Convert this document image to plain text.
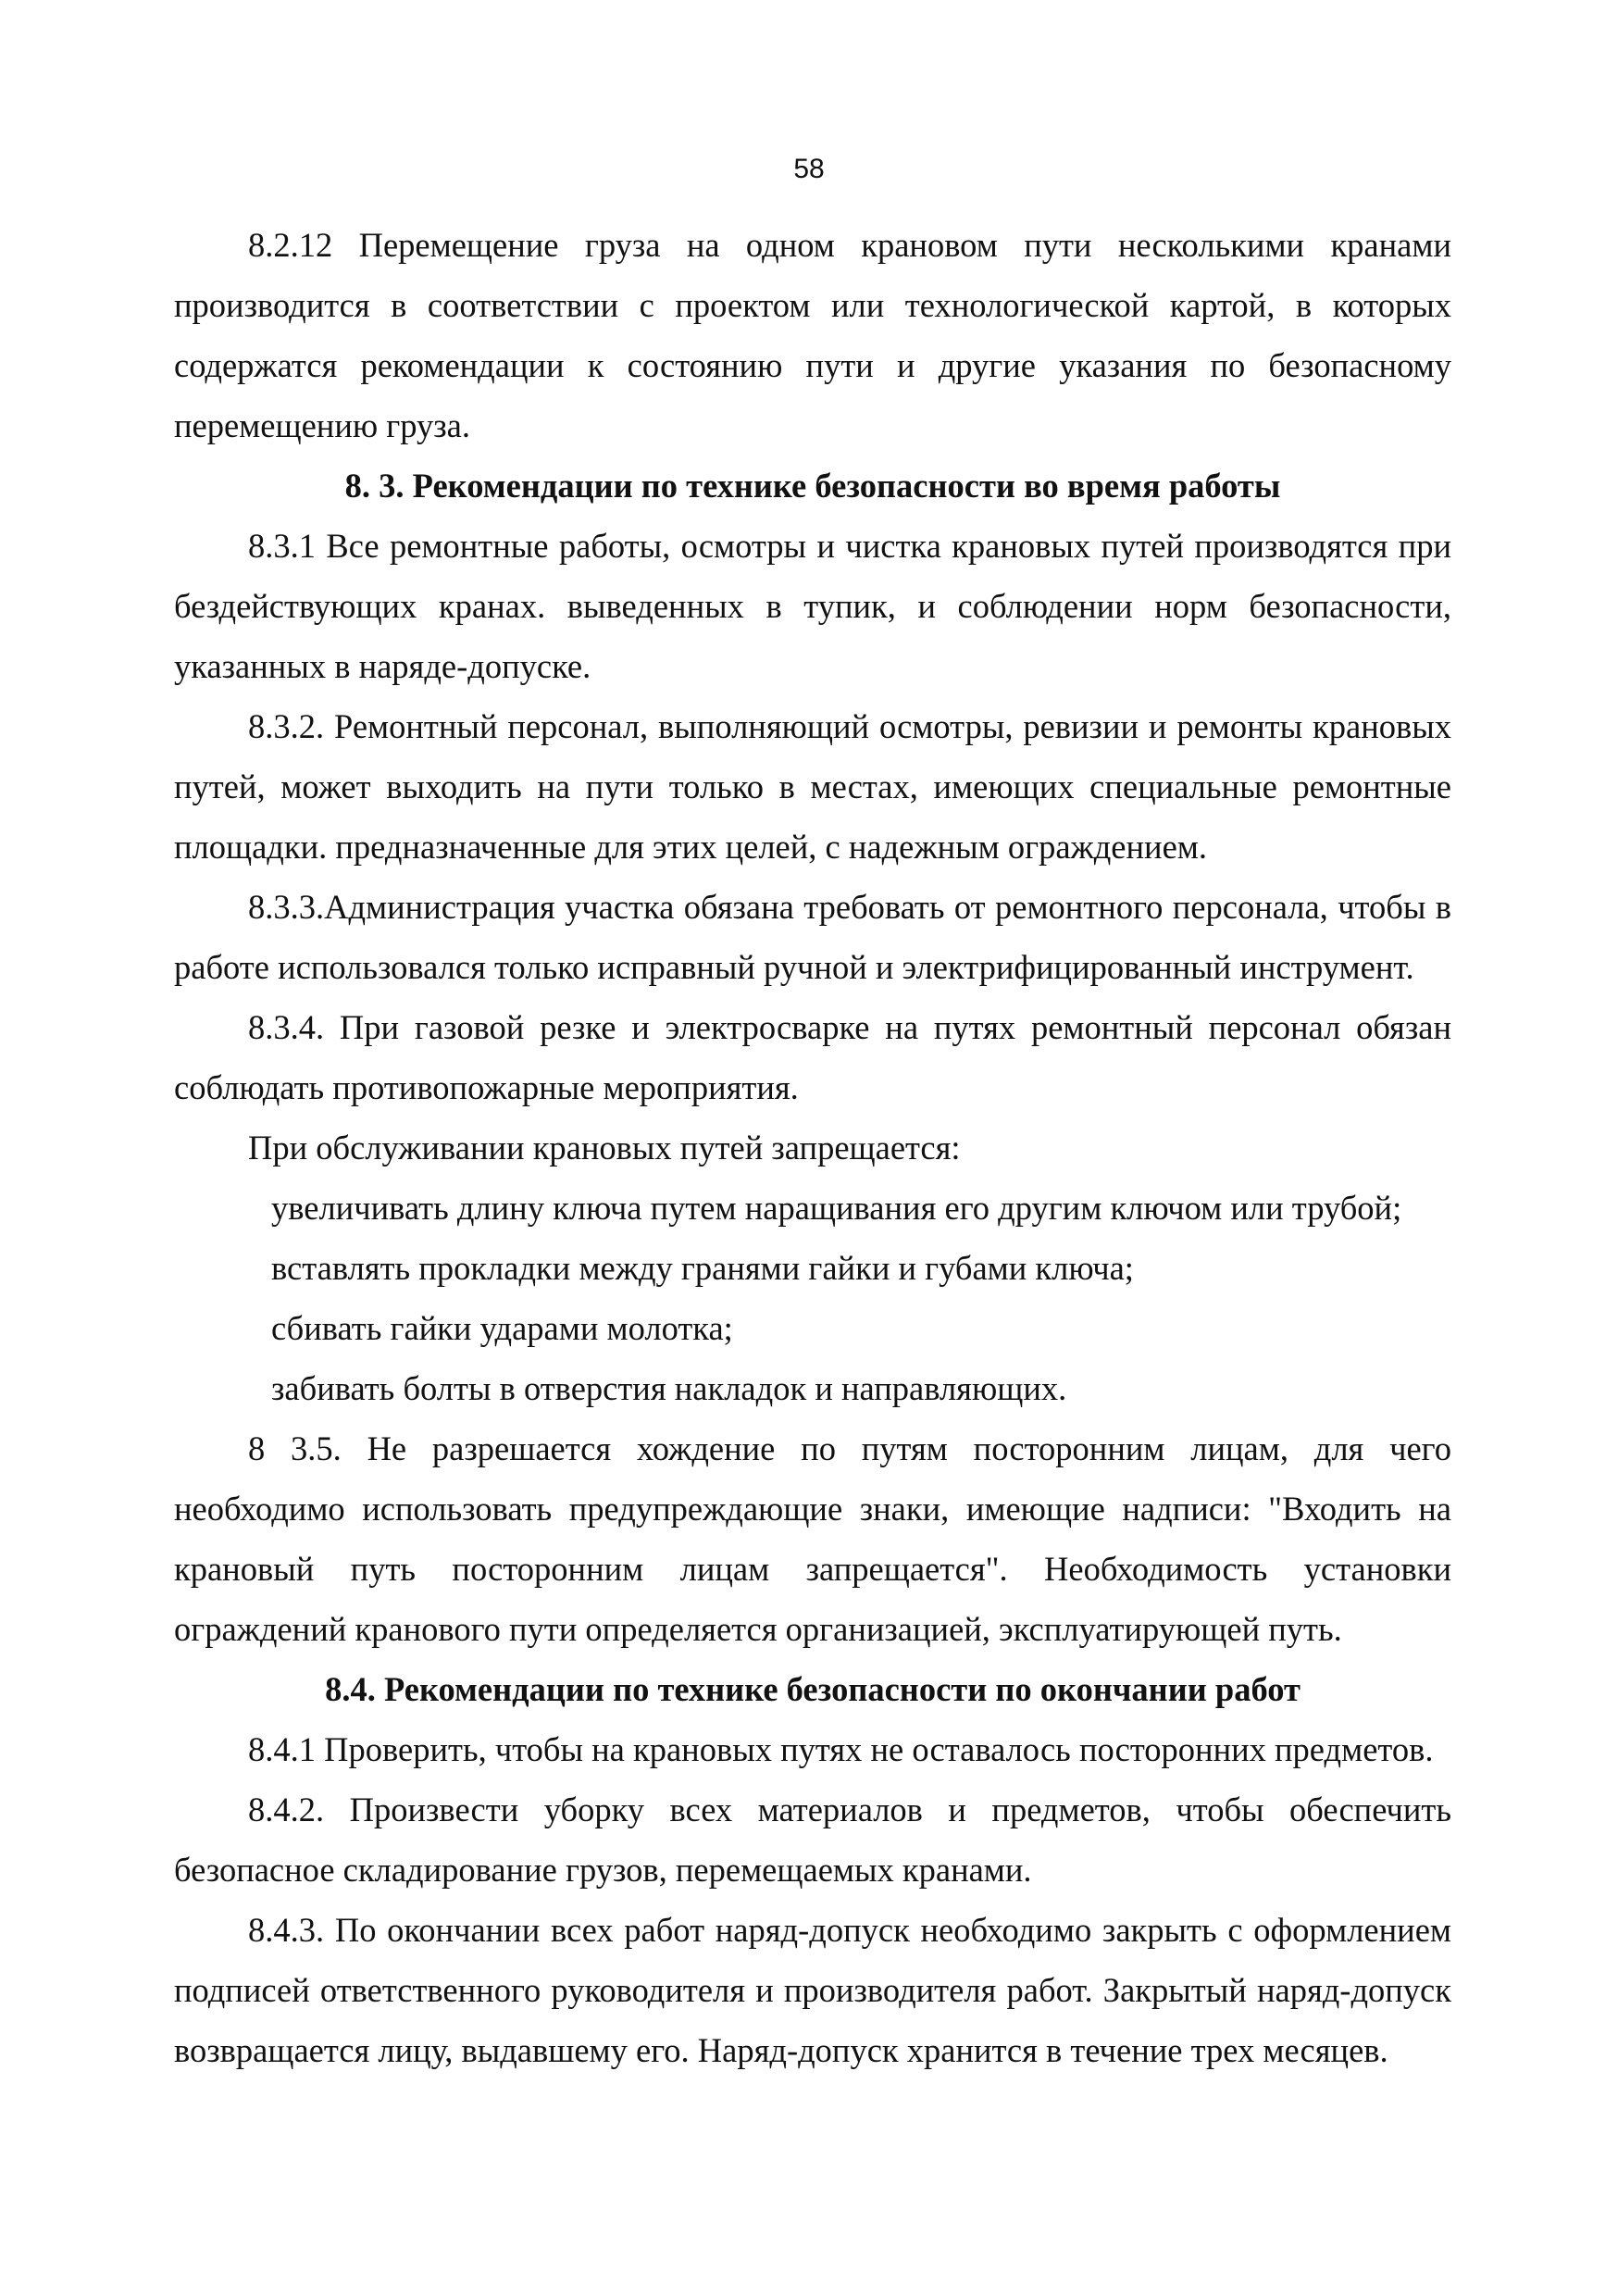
58

8.2.12 Перемещение груза на одном крановом пути несколькими кранами производится в соответствии с проектом или технологической картой, в которых содержатся рекомендации к состоянию пути и другие указания по безопасному перемещению груза.

8. 3. Рекомендации по технике безопасности во время работы

8.3.1 Все ремонтные работы, осмотры и чистка крановых путей производятся при бездействующих кранах. выведенных в тупик, и соблюдении норм безопасности, указанных в наряде-допуске.

8.3.2. Ремонтный персонал, выполняющий осмотры, ревизии и ремонты крановых путей, может выходить на пути только в местах, имеющих специальные ремонтные площадки. предназначенные для этих целей, с надежным ограждением.

8.3.3.Администрация участка обязана требовать от ремонтного персонала, чтобы в работе использовался только исправный ручной и электрифицированный инструмент.

8.3.4. При газовой резке и электросварке на путях ремонтный персонал обязан соблюдать противопожарные мероприятия.

При обслуживании крановых путей запрещается:

увеличивать длину ключа путем наращивания его другим ключом или трубой;

вставлять прокладки между гранями гайки и губами ключа;

сбивать гайки ударами молотка;

забивать болты в отверстия накладок и направляющих.

8 3.5. Не разрешается хождение по путям посторонним лицам, для чего необходимо использовать предупреждающие знаки, имеющие надписи: "Входить на крановый путь посторонним лицам запрещается". Необходимость установки ограждений кранового пути определяется организацией, эксплуатирующей путь.

8.4. Рекомендации по технике безопасности по окончании работ

8.4.1 Проверить, чтобы на крановых путях не оставалось посторонних предметов.

8.4.2. Произвести уборку всех материалов и предметов, чтобы обеспечить безопасное складирование грузов, перемещаемых кранами.

8.4.3. По окончании всех работ наряд-допуск необходимо закрыть с оформлением подписей ответственного руководителя и производителя работ. Закрытый наряд-допуск возвращается лицу, выдавшему его. Наряд-допуск хранится в течение трех месяцев.
